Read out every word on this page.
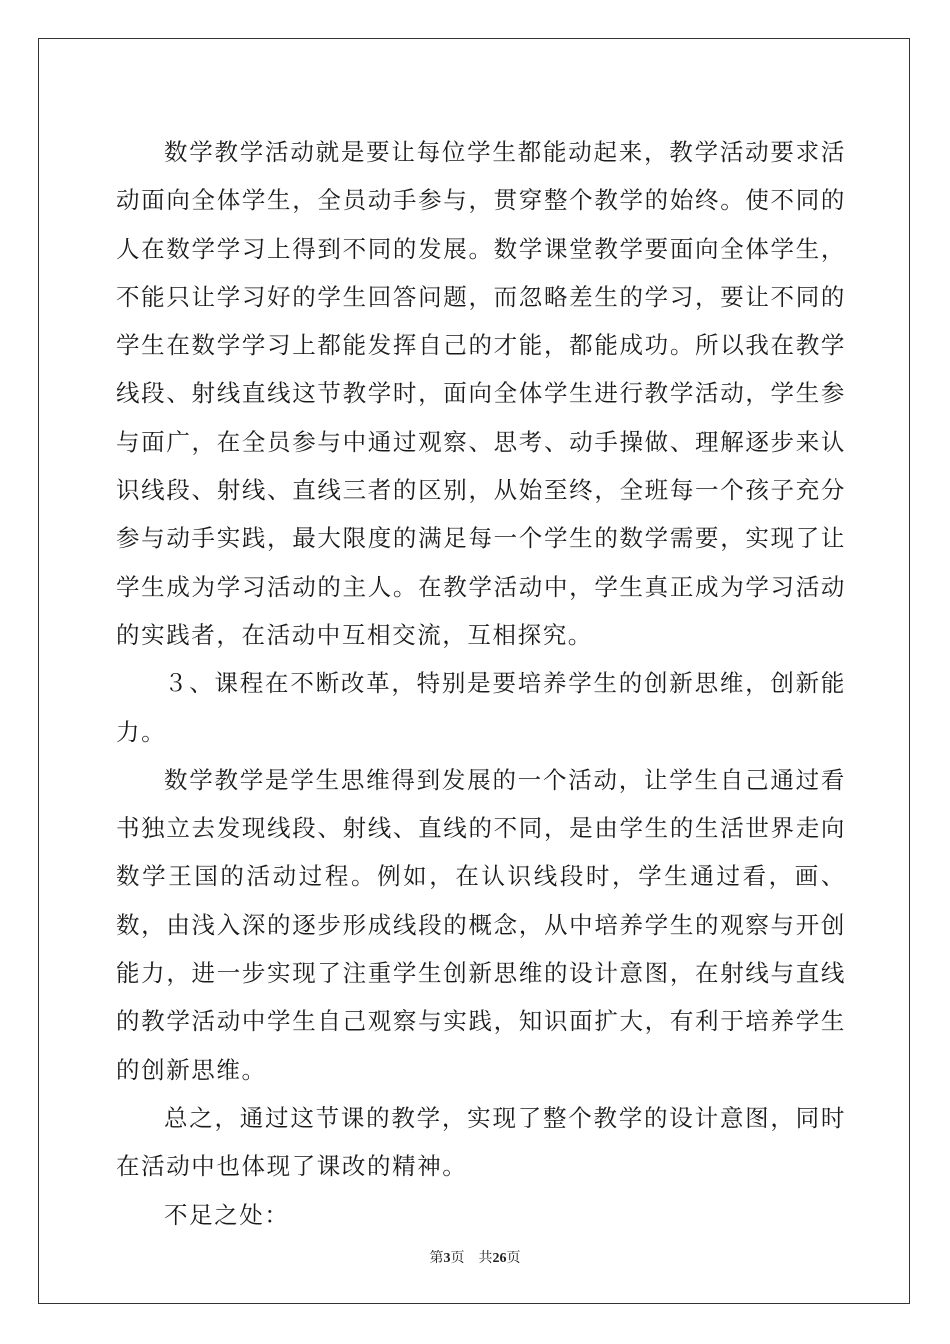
数学教学活动就是要让每位学生都能动起来，教学活动要求活动面向全体学生，全员动手参与，贯穿整个教学的始终。使不同的人在数学学习上得到不同的发展。数学课堂教学要面向全体学生，不能只让学习好的学生回答问题，而忽略差生的学习，要让不同的学生在数学学习上都能发挥自己的才能，都能成功。所以我在教学线段、射线直线这节教学时，面向全体学生进行教学活动，学生参与面广，在全员参与中通过观察、思考、动手操做、理解逐步来认识线段、射线、直线三者的区别，从始至终，全班每一个孩子充分参与动手实践，最大限度的满足每一个学生的数学需要，实现了让学生成为学习活动的主人。在教学活动中，学生真正成为学习活动的实践者，在活动中互相交流，互相探究。

３、课程在不断改革，特别是要培养学生的创新思维，创新能力。

数学教学是学生思维得到发展的一个活动，让学生自己通过看书独立去发现线段、射线、直线的不同，是由学生的生活世界走向数学王国的活动过程。例如，在认识线段时，学生通过看，画、数，由浅入深的逐步形成线段的概念，从中培养学生的观察与开创能力，进一步实现了注重学生创新思维的设计意图，在射线与直线的教学活动中学生自己观察与实践，知识面扩大，有利于培养学生的创新思维。

总之，通过这节课的教学，实现了整个教学的设计意图，同时在活动中也体现了课改的精神。

不足之处：

第3页 共26页
